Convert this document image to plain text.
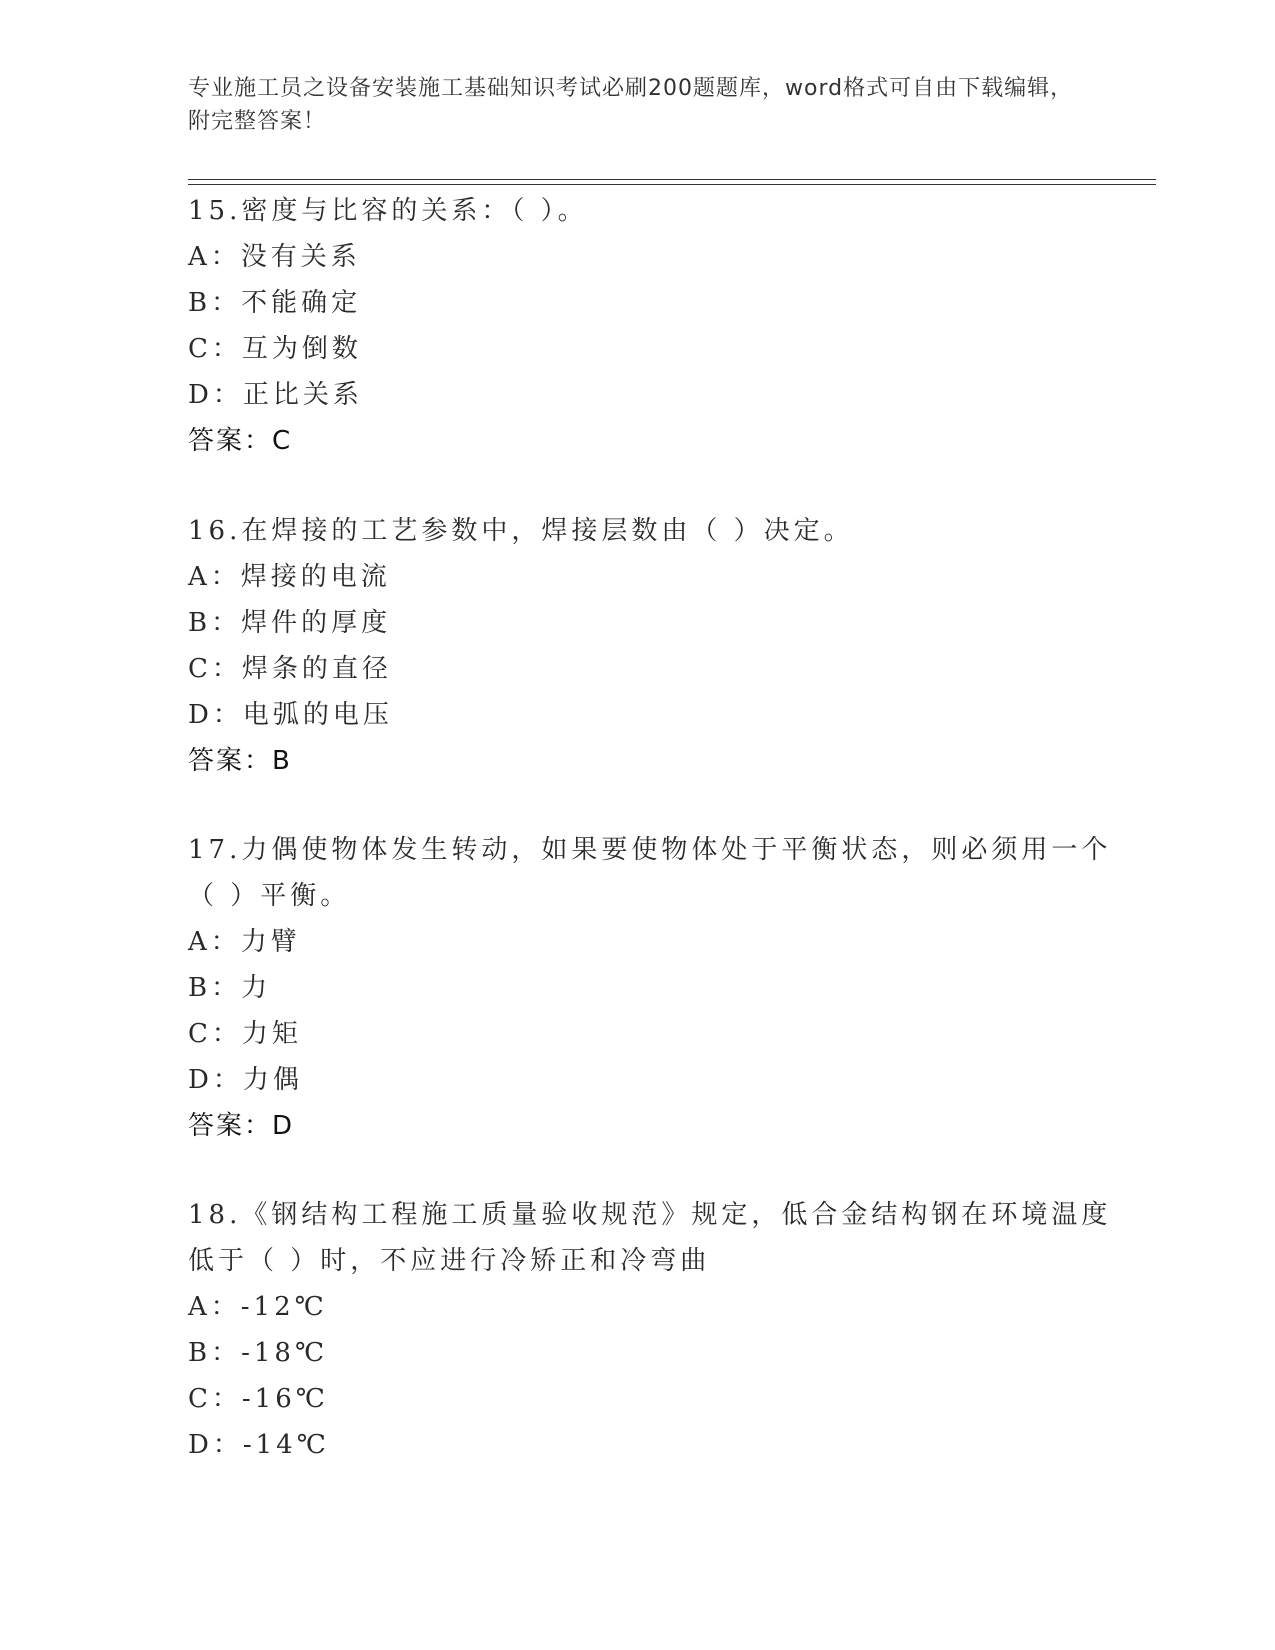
专业施工员之设备安装施工基础知识考试必刷200题题库，word格式可自由下载编辑，附完整答案！
15.密度与比容的关系：（ ）。
A：没有关系
B：不能确定
C：互为倒数
D：正比关系
答案：C
16.在焊接的工艺参数中，焊接层数由（ ）决定。
A：焊接的电流
B：焊件的厚度
C：焊条的直径
D：电弧的电压
答案：B
17.力偶使物体发生转动，如果要使物体处于平衡状态，则必须用一个
（ ）平衡。
A：力臂
B：力
C：力矩
D：力偶
答案：D
18.《钢结构工程施工质量验收规范》规定，低合金结构钢在环境温度
低于（ ）时，不应进行冷矫正和冷弯曲
A：-12℃
B：-18℃
C：-16℃
D：-14℃
